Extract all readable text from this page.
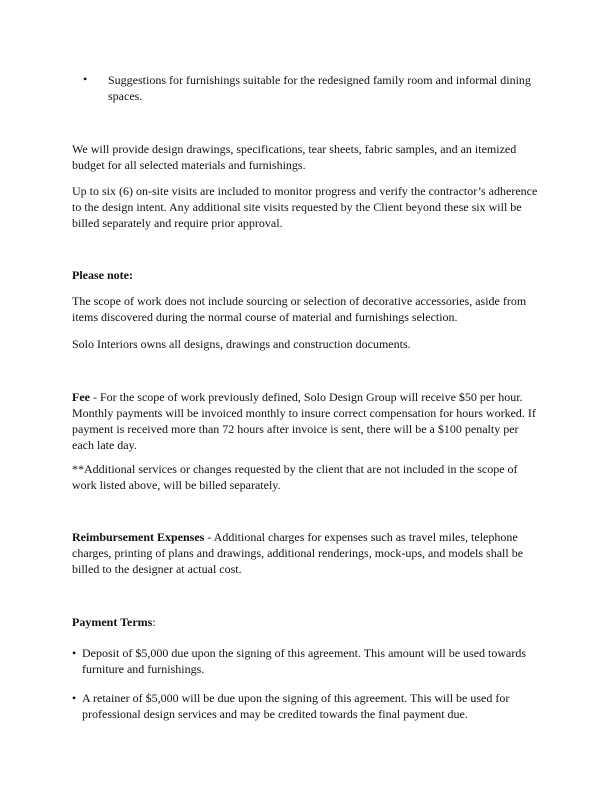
• Suggestions for furnishings suitable for the redesigned family room and informal dining spaces.

We will provide design drawings, specifications, tear sheets, fabric samples, and an itemized budget for all selected materials and furnishings.

Up to six (6) on-site visits are included to monitor progress and verify the contractor’s adherence to the design intent. Any additional site visits requested by the Client beyond these six will be billed separately and require prior approval.

Please note:

The scope of work does not include sourcing or selection of decorative accessories, aside from items discovered during the normal course of material and furnishings selection.

Solo Interiors owns all designs, drawings and construction documents.

Fee - For the scope of work previously defined, Solo Design Group will receive $50 per hour. Monthly payments will be invoiced monthly to insure correct compensation for hours worked. If payment is received more than 72 hours after invoice is sent, there will be a $100 penalty per each late day.

**Additional services or changes requested by the client that are not included in the scope of work listed above, will be billed separately.

Reimbursement Expenses - Additional charges for expenses such as travel miles, telephone charges, printing of plans and drawings, additional renderings, mock-ups, and models shall be billed to the designer at actual cost.

Payment Terms:

• Deposit of $5,000 due upon the signing of this agreement. This amount will be used towards furniture and furnishings.
• A retainer of $5,000 will be due upon the signing of this agreement. This will be used for professional design services and may be credited towards the final payment due.
